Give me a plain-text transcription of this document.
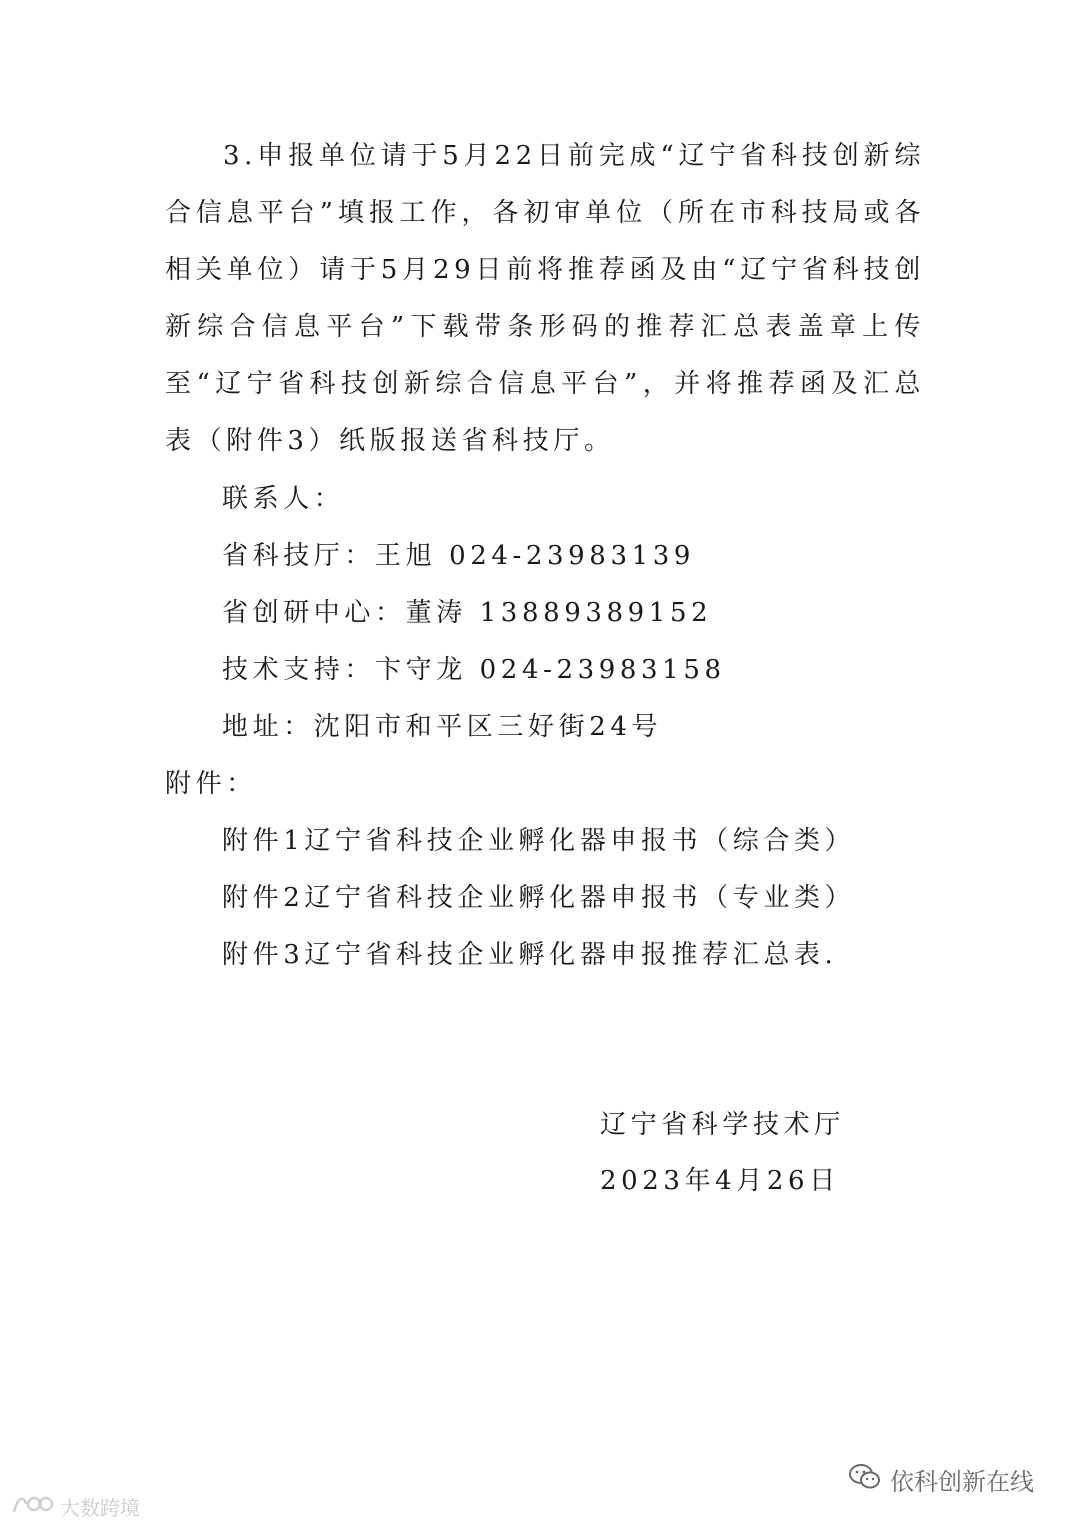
3.申报单位请于5月22日前完成“辽宁省科技创新综合信息平台”填报工作，各初审单位（所在市科技局或各相关单位）请于5月29日前将推荐函及由“辽宁省科技创新综合信息平台”下载带条形码的推荐汇总表盖章上传至“辽宁省科技创新综合信息平台”，并将推荐函及汇总表（附件3）纸版报送省科技厅。

联系人：
省科技厅：王旭 024-23983139
省创研中心：董涛 13889389152
技术支持：卞守龙 024-23983158
地址：沈阳市和平区三好街24号
附件：
附件1辽宁省科技企业孵化器申报书（综合类）
附件2辽宁省科技企业孵化器申报书（专业类）
附件3辽宁省科技企业孵化器申报推荐汇总表.
辽宁省科学技术厅
2023年4月26日
依科创新在线
大数跨境
